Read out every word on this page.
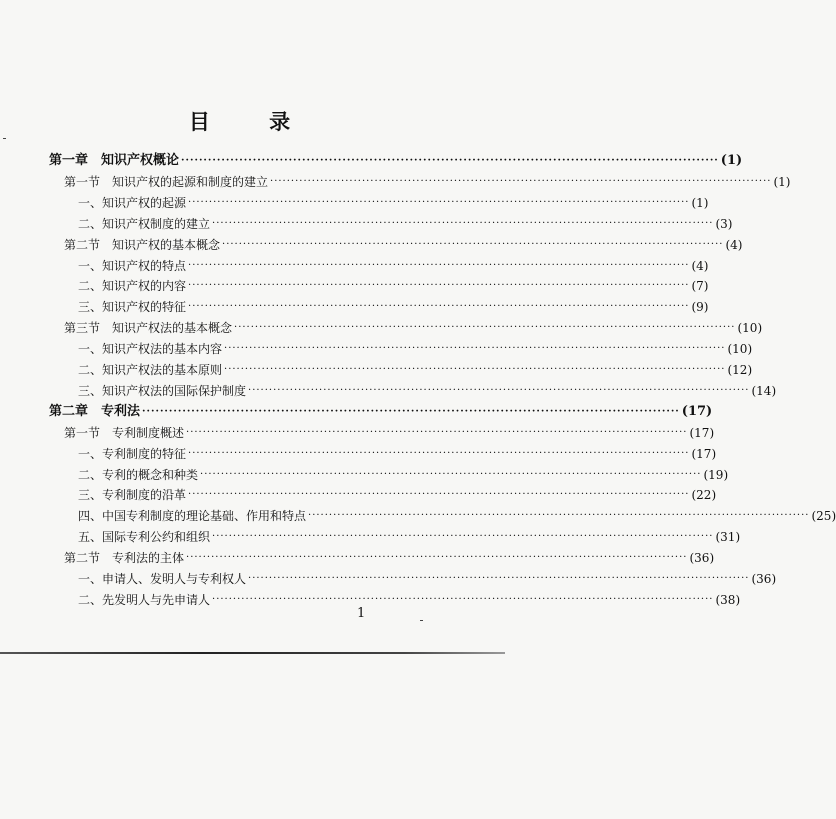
目 录
第一章　知识产权概论 ························································································································ ( 1 )
第一节　知识产权的起源和制度的建立 ························································································································ ( 1 )
一、知识产权的起源 ························································································································ ( 1 )
二、知识产权制度的建立 ························································································································ ( 3 )
第二节　知识产权的基本概念 ························································································································ ( 4 )
一、知识产权的特点 ························································································································ ( 4 )
二、知识产权的内容 ························································································································ ( 7 )
三、知识产权的特征 ························································································································ ( 9 )
第三节　知识产权法的基本概念 ························································································································ ( 10 )
一、知识产权法的基本内容 ························································································································ ( 10 )
二、知识产权法的基本原则 ························································································································ ( 12 )
三、知识产权法的国际保护制度 ························································································································ ( 14 )
第二章　专利法 ························································································································ ( 17 )
第一节　专利制度概述 ························································································································ ( 17 )
一、专利制度的特征 ························································································································ ( 17 )
二、专利的概念和种类 ························································································································ ( 19 )
三、专利制度的沿革 ························································································································ ( 22 )
四、中国专利制度的理论基础、作用和特点 ························································································································ ( 25 )
五、国际专利公约和组织 ························································································································ ( 31 )
第二节　专利法的主体 ························································································································ ( 36 )
一、申请人、发明人与专利权人 ························································································································ ( 36 )
二、先发明人与先申请人 ························································································································ ( 38 )
1
